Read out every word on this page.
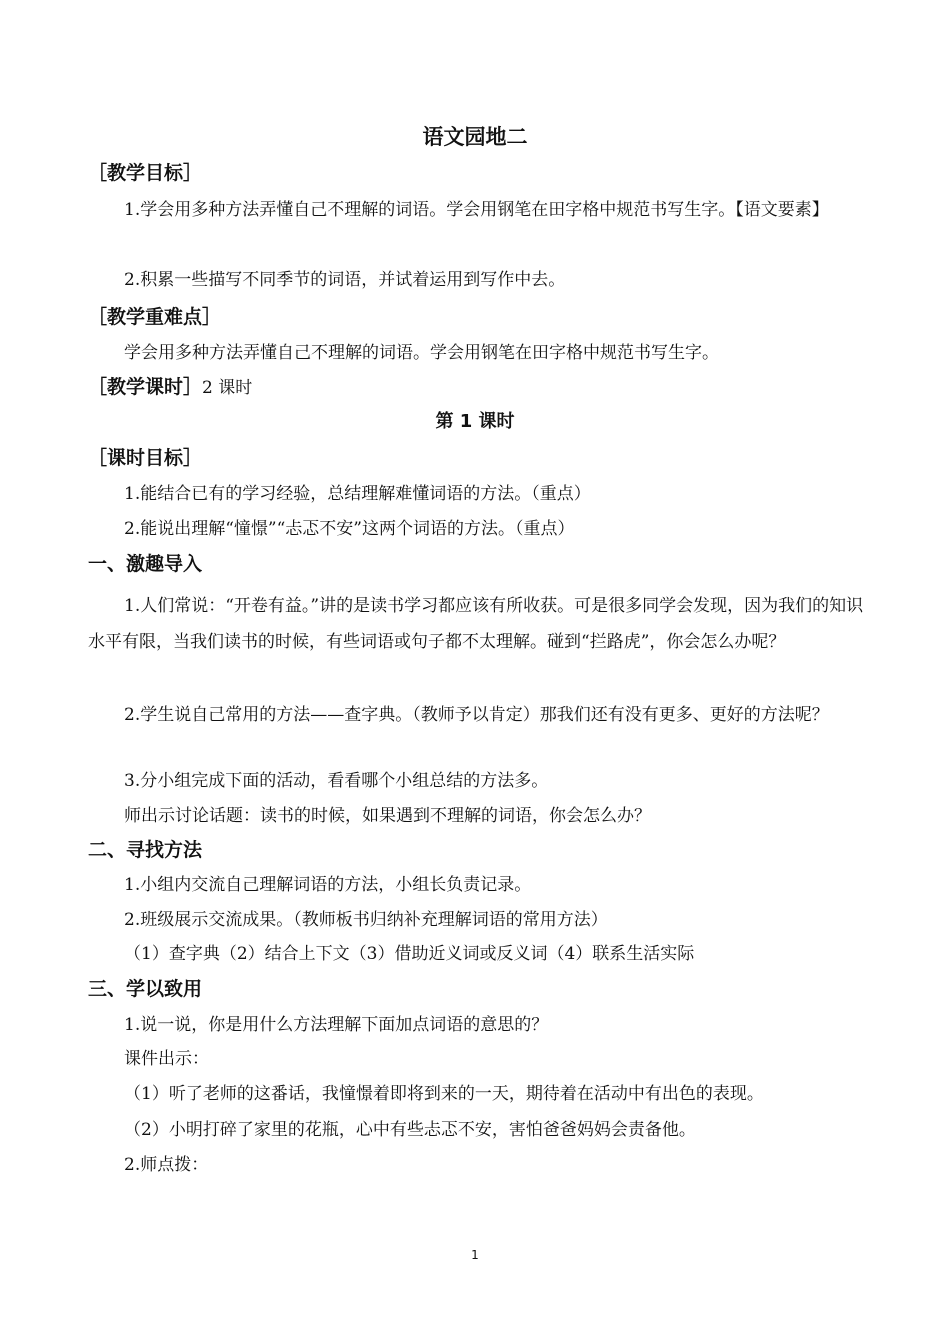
语文园地二
［教学目标］
1.学会用多种方法弄懂自己不理解的词语。学会用钢笔在田字格中规范书写生字。【语文要素】
2.积累一些描写不同季节的词语，并试着运用到写作中去。
［教学重难点］
学会用多种方法弄懂自己不理解的词语。学会用钢笔在田字格中规范书写生字。
［教学课时］2 课时
第 1 课时
［课时目标］
1.能结合已有的学习经验，总结理解难懂词语的方法。（重点）
2.能说出理解“憧憬”“忐忑不安”这两个词语的方法。（重点）
一、激趣导入
1.人们常说：“开卷有益。”讲的是读书学习都应该有所收获。可是很多同学会发现，因为我们的知识水平有限，当我们读书的时候，有些词语或句子都不太理解。碰到“拦路虎”，你会怎么办呢？
2.学生说自己常用的方法——查字典。（教师予以肯定）那我们还有没有更多、更好的方法呢？
3.分小组完成下面的活动，看看哪个小组总结的方法多。
师出示讨论话题：读书的时候，如果遇到不理解的词语，你会怎么办？
二、寻找方法
1.小组内交流自己理解词语的方法，小组长负责记录。
2.班级展示交流成果。（教师板书归纳补充理解词语的常用方法）
（1）查字典（2）结合上下文（3）借助近义词或反义词（4）联系生活实际
三、学以致用
1.说一说，你是用什么方法理解下面加点词语的意思的？
课件出示：
（1）听了老师的这番话，我憧憬着即将到来的一天，期待着在活动中有出色的表现。
（2）小明打碎了家里的花瓶，心中有些忐忑不安，害怕爸爸妈妈会责备他。
2.师点拨：
1
